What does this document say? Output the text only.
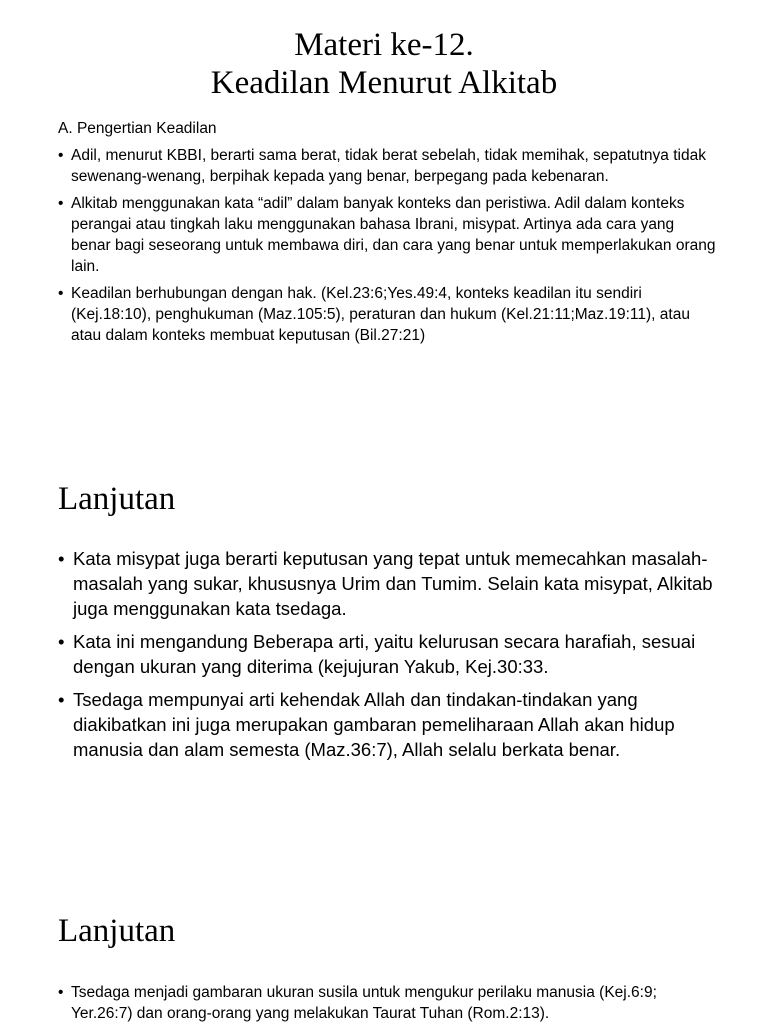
Materi ke-12.
Keadilan Menurut Alkitab

A. Pengertian Keadilan

• Adil, menurut KBBI, berarti sama berat, tidak berat sebelah, tidak memihak, sepatutnya tidak sewenang-wenang, berpihak kepada yang benar, berpegang pada kebenaran.
• Alkitab menggunakan kata “adil” dalam banyak konteks dan peristiwa. Adil dalam konteks perangai atau tingkah laku menggunakan bahasa Ibrani, misypat. Artinya ada cara yang benar bagi seseorang untuk membawa diri, dan cara yang benar untuk memperlakukan orang lain.
• Keadilan berhubungan dengan hak. (Kel.23:6;Yes.49:4, konteks keadilan itu sendiri (Kej.18:10), penghukuman (Maz.105:5), peraturan dan hukum (Kel.21:11;Maz.19:11), atau atau dalam konteks membuat keputusan (Bil.27:21)
Lanjutan
• Kata misypat juga berarti keputusan yang tepat untuk memecahkan masalah-masalah yang sukar, khususnya Urim dan Tumim. Selain kata misypat, Alkitab juga menggunakan kata tsedaga.
• Kata ini mengandung Beberapa arti, yaitu kelurusan secara harafiah, sesuai dengan ukuran yang diterima (kejujuran Yakub, Kej.30:33.
• Tsedaga mempunyai arti kehendak Allah dan tindakan-tindakan yang diakibatkan ini juga merupakan gambaran pemeliharaan Allah akan hidup manusia dan alam semesta (Maz.36:7), Allah selalu berkata benar.
Lanjutan
• Tsedaga menjadi gambaran ukuran susila untuk mengukur perilaku manusia (Kej.6:9; Yer.26:7) dan orang-orang yang melakukan Taurat Tuhan (Rom.2:13).
